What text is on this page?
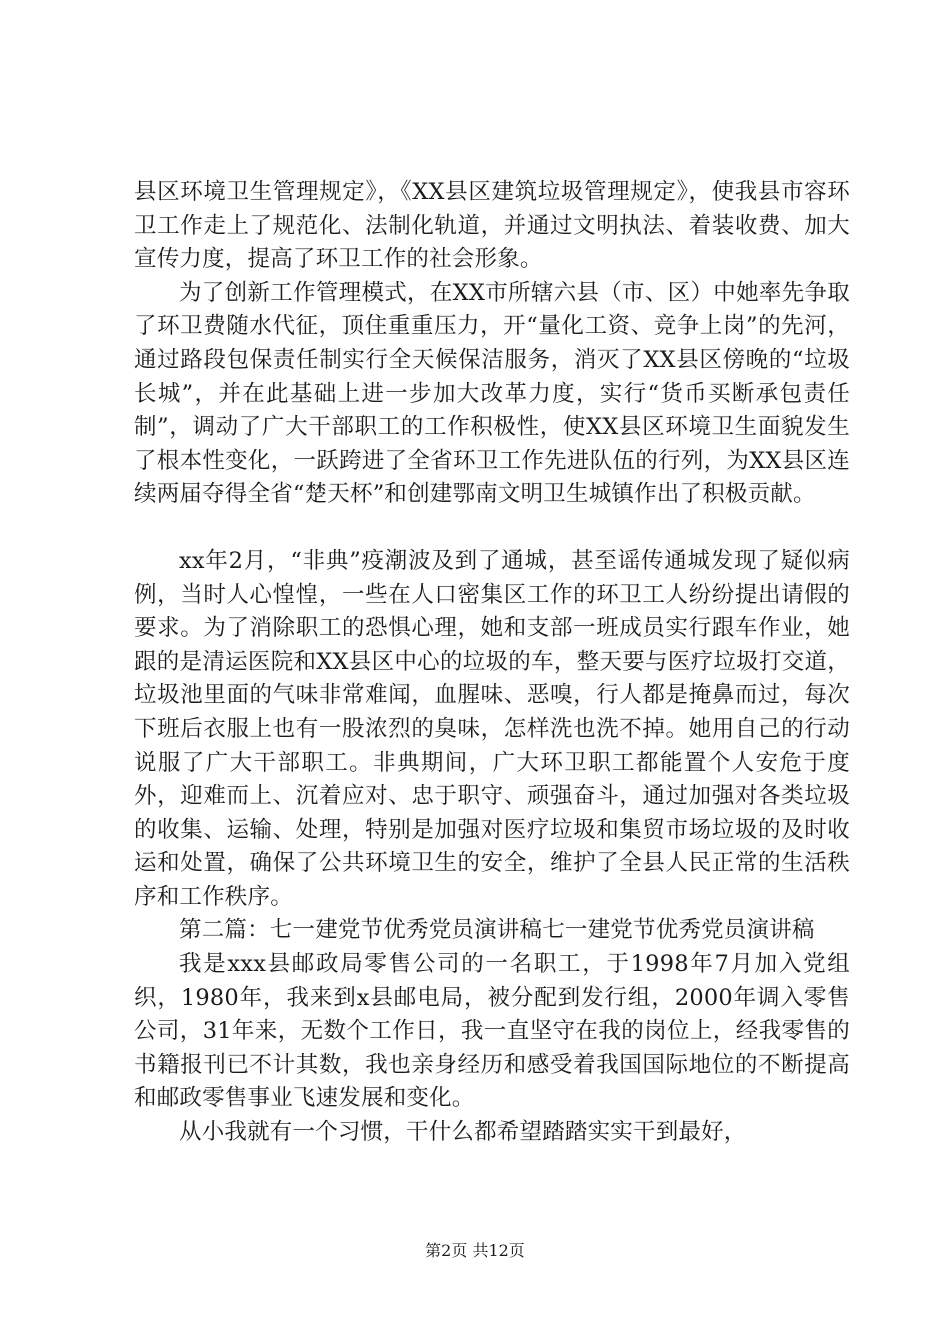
县区环境卫生管理规定》，《XX县区建筑垃圾管理规定》，使我县市容环卫工作走上了规范化、法制化轨道，并通过文明执法、着装收费、加大宣传力度，提高了环卫工作的社会形象。

为了创新工作管理模式，在XX市所辖六县（市、区）中她率先争取了环卫费随水代征，顶住重重压力，开“量化工资、竞争上岗”的先河，通过路段包保责任制实行全天候保洁服务，消灭了XX县区傍晚的“垃圾长城”，并在此基础上进一步加大改革力度，实行“货币买断承包责任制”，调动了广大干部职工的工作积极性，使XX县区环境卫生面貌发生了根本性变化，一跃跨进了全省环卫工作先进队伍的行列，为XX县区连续两届夺得全省“楚天杯”和创建鄂南文明卫生城镇作出了积极贡献。

xx年2月，“非典”疫潮波及到了通城，甚至谣传通城发现了疑似病例，当时人心惶惶，一些在人口密集区工作的环卫工人纷纷提出请假的要求。为了消除职工的恐惧心理，她和支部一班成员实行跟车作业，她跟的是清运医院和XX县区中心的垃圾的车，整天要与医疗垃圾打交道，垃圾池里面的气味非常难闻，血腥味、恶嗅，行人都是掩鼻而过，每次下班后衣服上也有一股浓烈的臭味，怎样洗也洗不掉。她用自己的行动说服了广大干部职工。非典期间，广大环卫职工都能置个人安危于度外，迎难而上、沉着应对、忠于职守、顽强奋斗，通过加强对各类垃圾的收集、运输、处理，特别是加强对医疗垃圾和集贸市场垃圾的及时收运和处置，确保了公共环境卫生的安全，维护了全县人民正常的生活秩序和工作秩序。

第二篇：七一建党节优秀党员演讲稿七一建党节优秀党员演讲稿

我是xxx县邮政局零售公司的一名职工，于1998年7月加入党组织，1980年，我来到x县邮电局，被分配到发行组，2000年调入零售公司，31年来，无数个工作日，我一直坚守在我的岗位上，经我零售的书籍报刊已不计其数，我也亲身经历和感受着我国国际地位的不断提高和邮政零售事业飞速发展和变化。

从小我就有一个习惯，干什么都希望踏踏实实干到最好，

第2页 共12页
